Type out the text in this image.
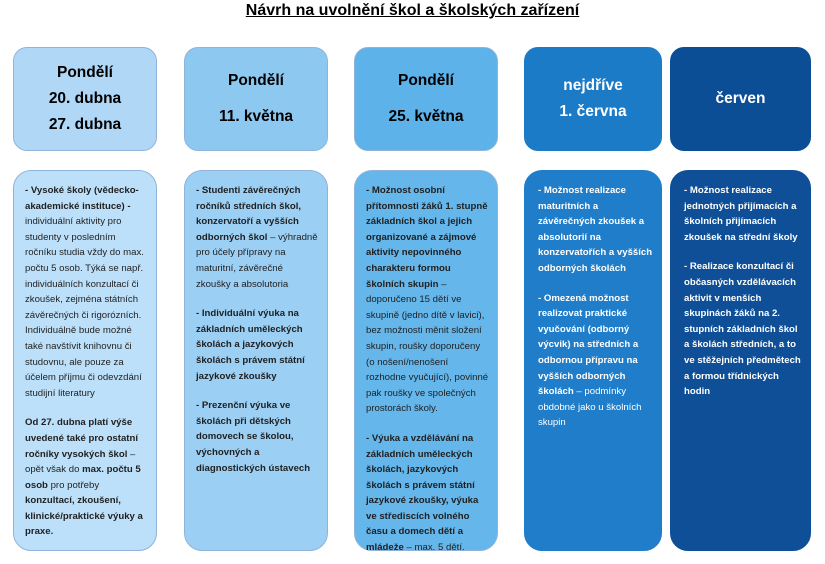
Návrh na uvolnění škol a školských zařízení
Pondělí
20. dubna
27. dubna

- Vysoké školy (vědecko-akademické instituce) - individuální aktivity pro studenty v posledním ročníku studia vždy do max. počtu 5 osob. Týká se např. individuálních konzultací či zkoušek, zejména státních závěrečných či rigorózních. Individuálně bude možné také navštívit knihovnu či studovnu, ale pouze za účelem příjmu či odevzdání studijní literatury

Od 27. dubna platí výše uvedené také pro ostatní ročníky vysokých škol – opět však do max. počtu 5 osob pro potřeby konzultací, zkoušení, klinické/praktické výuky a praxe.

Pondělí
11. května

- Studenti závěrečných ročníků středních škol, konzervatoří a vyšších odborných škol – výhradně pro účely přípravy na maturitní, závěrečné zkoušky a absolutoria

- Individuální výuka na základních uměleckých školách a jazykových školách s právem státní jazykové zkoušky

- Prezenční výuka ve školách při dětských domovech se školou, výchovných a diagnostických ústavech

Pondělí
25. května

- Možnost osobní přítomnosti žáků 1. stupně základních škol a jejich organizované a zájmové aktivity nepovinného charakteru formou školních skupin – doporučeno 15 dětí ve skupině (jedno dítě v lavici), bez možnosti měnit složení skupin, roušky doporučeny (o nošení/nenošení rozhodne vyučující), povinné pak roušky ve společných prostorách školy.

- Výuka a vzdělávání na základních uměleckých školách, jazykových školách s právem státní jazykové zkoušky, výuka ve střediscích volného času a domech dětí a mládeže – max. 5 dětí.

nejdříve
1. června

- Možnost realizace maturitních a závěrečných zkoušek a absolutorií na konzervatořích a vyšších odborných školách

- Omezená možnost realizovat praktické vyučování (odborný výcvik) na středních a odbornou přípravu na vyšších odborných školách – podmínky obdobné jako u školních skupin

červen

- Možnost realizace jednotných přijímacích a školních přijímacích zkoušek na střední školy

- Realizace konzultací či občasných vzdělávacích aktivit v menších skupinách žáků na 2. stupních základních škol a školách středních, a to ve stěžejních předmětech a formou třídnických hodin
